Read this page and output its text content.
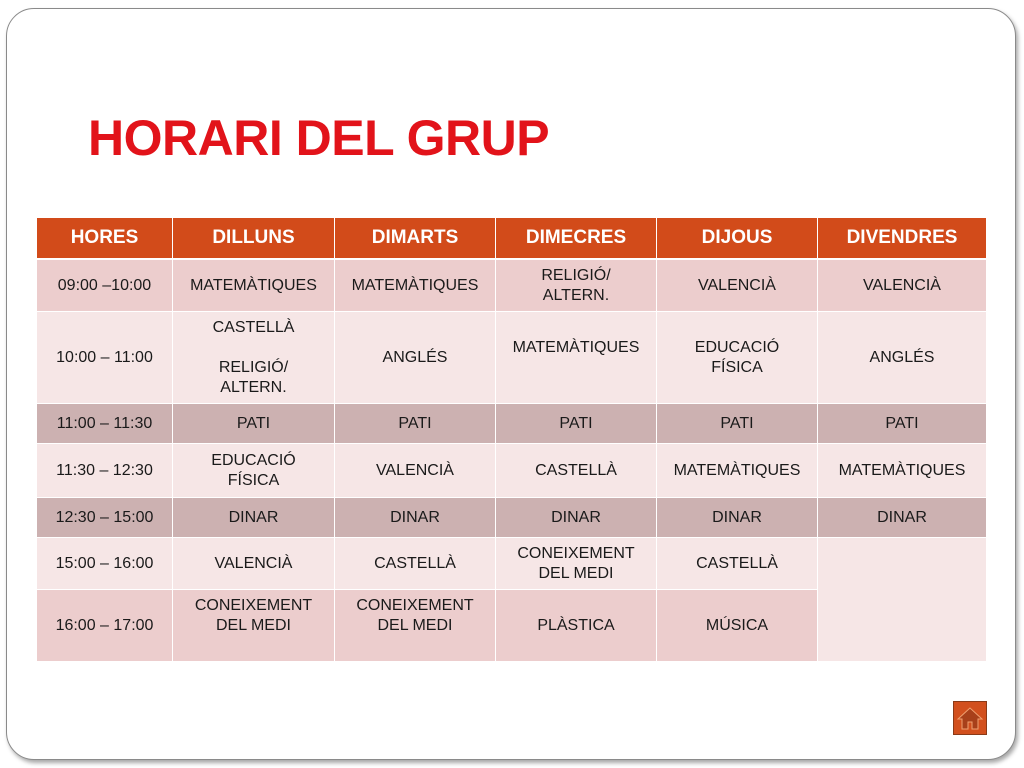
HORARI DEL GRUP
HORES	DILLUNS	DIMARTS	DIMECRES	DIJOUS	DIVENDRES
09:00 –10:00	MATEMÀTIQUES	MATEMÀTIQUES	RELIGIÓ/
ALTERN.	VALENCIÀ	VALENCIÀ

10:00 – 11:00	CASTELLÀ
RELIGIÓ/
ALTERN.	ANGLÉS	MATEMÀTIQUES	EDUCACIÓ
FÍSICA	ANGLÉS

11:00 – 11:30	PATI	PATI	PATI	PATI	PATI

11:30 – 12:30	EDUCACIÓ
FÍSICA	VALENCIÀ	CASTELLÀ	MATEMÀTIQUES	MATEMÀTIQUES

12:30 – 15:00	DINAR	DINAR	DINAR	DINAR	DINAR

15:00 – 16:00	VALENCIÀ	CASTELLÀ	CONEIXEMENT
DEL MEDI	CASTELLÀ	

16:00 – 17:00	CONEIXEMENT
DEL MEDI	CONEIXEMENT
DEL MEDI	PLÀSTICA	MÚSICA	
